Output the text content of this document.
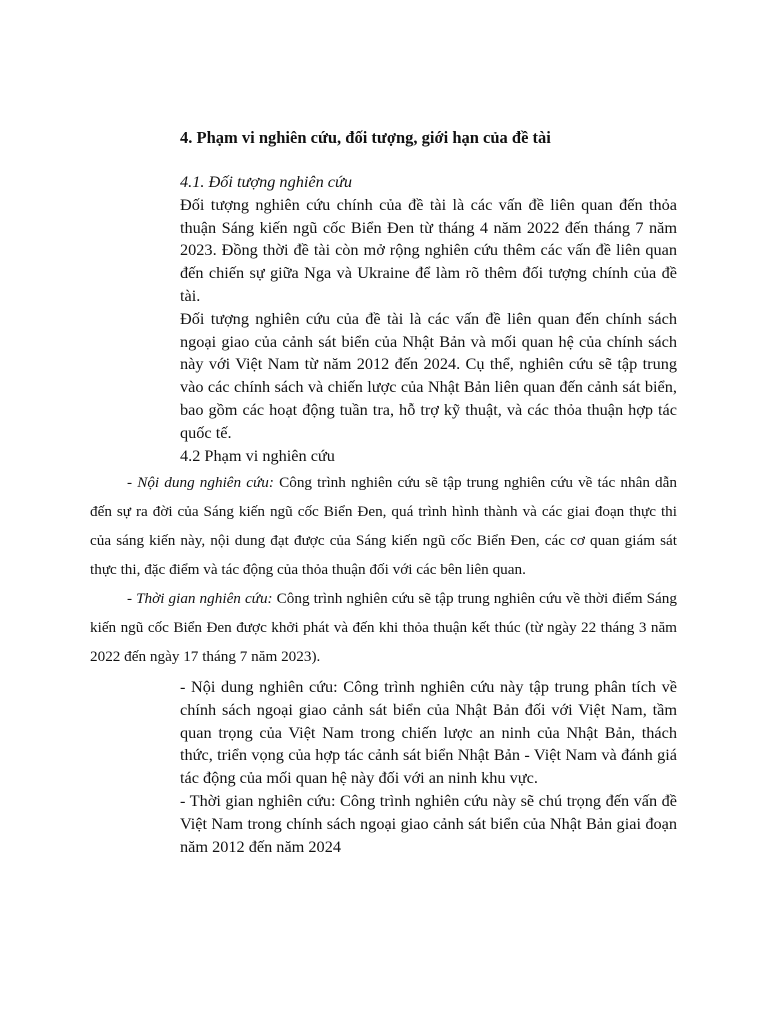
4. Phạm vi nghiên cứu, đối tượng, giới hạn của đề tài

4.1. Đối tượng nghiên cứu

Đối tượng nghiên cứu chính của đề tài là các vấn đề liên quan đến thỏa thuận Sáng kiến ngũ cốc Biển Đen từ tháng 4 năm 2022 đến tháng 7 năm 2023. Đồng thời đề tài còn mở rộng nghiên cứu thêm các vấn đề liên quan đến chiến sự giữa Nga và Ukraine để làm rõ thêm đối tượng chính của đề tài.

Đối tượng nghiên cứu của đề tài là các vấn đề liên quan đến chính sách ngoại giao của cảnh sát biển của Nhật Bản và mối quan hệ của chính sách này với Việt Nam từ năm 2012 đến 2024. Cụ thể, nghiên cứu sẽ tập trung vào các chính sách và chiến lược của Nhật Bản liên quan đến cảnh sát biển, bao gồm các hoạt động tuần tra, hỗ trợ kỹ thuật, và các thỏa thuận hợp tác quốc tế.

4.2 Phạm vi nghiên cứu

- Nội dung nghiên cứu: Công trình nghiên cứu sẽ tập trung nghiên cứu về tác nhân dẫn đến sự ra đời của Sáng kiến ngũ cốc Biển Đen, quá trình hình thành và các giai đoạn thực thi của sáng kiến này, nội dung đạt được của Sáng kiến ngũ cốc Biển Đen, các cơ quan giám sát thực thi, đặc điểm và tác động của thỏa thuận đối với các bên liên quan.

- Thời gian nghiên cứu: Công trình nghiên cứu sẽ tập trung nghiên cứu về thời điểm Sáng kiến ngũ cốc Biển Đen được khởi phát và đến khi thỏa thuận kết thúc (từ ngày 22 tháng 3 năm 2022 đến ngày 17 tháng 7 năm 2023).

- Nội dung nghiên cứu: Công trình nghiên cứu này tập trung phân tích về chính sách ngoại giao cảnh sát biển của Nhật Bản đối với Việt Nam, tầm quan trọng của Việt Nam trong chiến lược an ninh của Nhật Bản, thách thức, triển vọng của hợp tác cảnh sát biển Nhật Bản - Việt Nam và đánh giá tác động của mối quan hệ này đối với an ninh khu vực.

- Thời gian nghiên cứu: Công trình nghiên cứu này sẽ chú trọng đến vấn đề Việt Nam trong chính sách ngoại giao cảnh sát biển của Nhật Bản giai đoạn năm 2012 đến năm 2024
